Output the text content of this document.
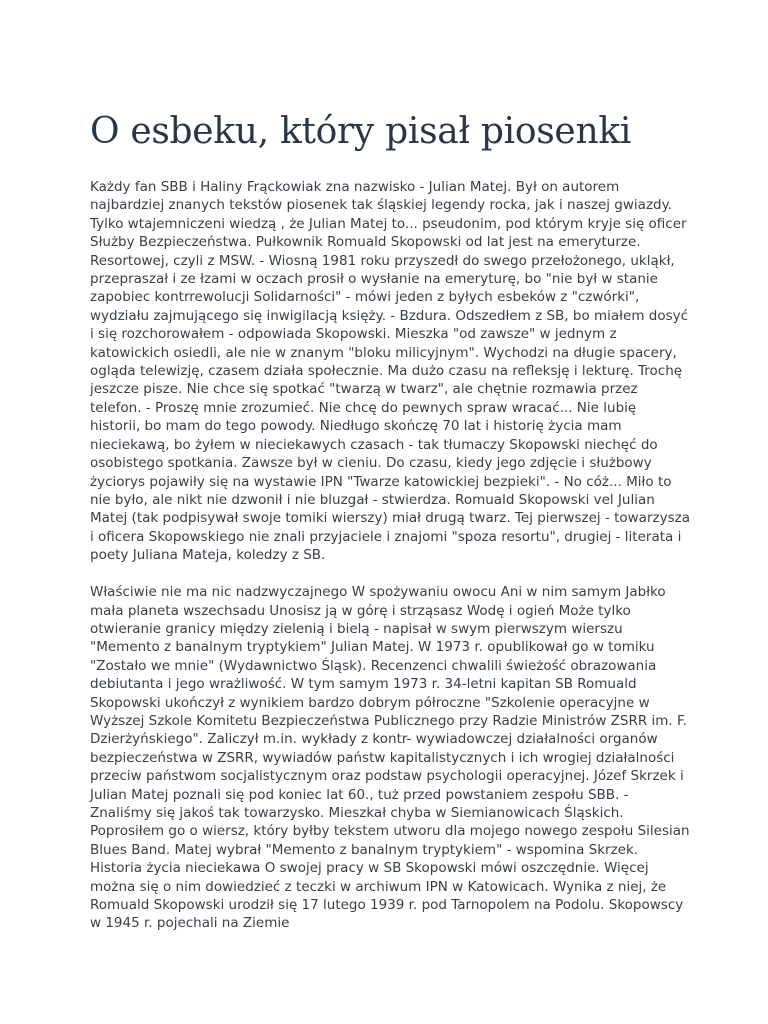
O esbeku, który pisał piosenki

Każdy fan SBB i Haliny Frąckowiak zna nazwisko - Julian Matej. Był on autorem najbardziej znanych tekstów piosenek tak śląskiej legendy rocka, jak i naszej gwiazdy. Tylko wtajemniczeni wiedzą , że Julian Matej to... pseudonim, pod którym kryje się oficer Służby Bezpieczeństwa. Pułkownik Romuald Skopowski od lat jest na emeryturze. Resortowej, czyli z MSW. - Wiosną 1981 roku przyszedł do swego przełożonego, ukląkł, przepraszał i ze łzami w oczach prosił o wysłanie na emeryturę, bo "nie był w stanie zapobiec kontrrewolucji Solidarności" - mówi jeden z byłych esbeków z "czwórki", wydziału zajmującego się inwigilacją księży. - Bzdura. Odszedłem z SB, bo miałem dosyć i się rozchorowałem - odpowiada Skopowski. Mieszka "od zawsze" w jednym z katowickich osiedli, ale nie w znanym "bloku milicyjnym". Wychodzi na długie spacery, ogląda telewizję, czasem działa społecznie. Ma dużo czasu na refleksję i lekturę. Trochę jeszcze pisze. Nie chce się spotkać "twarzą w twarz", ale chętnie rozmawia przez telefon. - Proszę mnie zrozumieć. Nie chcę do pewnych spraw wracać... Nie lubię historii, bo mam do tego powody. Niedługo skończę 70 lat i historię życia mam nieciekawą, bo żyłem w nieciekawych czasach - tak tłumaczy Skopowski niechęć do osobistego spotkania. Zawsze był w cieniu. Do czasu, kiedy jego zdjęcie i służbowy życiorys pojawiły się na wystawie IPN "Twarze katowickiej bezpieki". - No cóż... Miło to nie było, ale nikt nie dzwonił i nie bluzgał - stwierdza. Romuald Skopowski vel Julian Matej (tak podpisywał swoje tomiki wierszy) miał drugą twarz. Tej pierwszej - towarzysza i oficera Skopowskiego nie znali przyjaciele i znajomi "spoza resortu", drugiej - literata i poety Juliana Mateja, koledzy z SB.

Właściwie nie ma nic nadzwyczajnego W spożywaniu owocu Ani w nim samym Jabłko mała planeta wszechsadu Unosisz ją w górę i strząsasz Wodę i ogień Może tylko otwieranie granicy między zielenią i bielą - napisał w swym pierwszym wierszu "Memento z banalnym tryptykiem" Julian Matej. W 1973 r. opublikował go w tomiku "Zostało we mnie" (Wydawnictwo Śląsk). Recenzenci chwalili świeżość obrazowania debiutanta i jego wrażliwość. W tym samym 1973 r. 34-letni kapitan SB Romuald Skopowski ukończył z wynikiem bardzo dobrym półroczne "Szkolenie operacyjne w Wyższej Szkole Komitetu Bezpieczeństwa Publicznego przy Radzie Ministrów ZSRR im. F. Dzierżyńskiego". Zaliczył m.in. wykłady z kontr- wywiadowczej działalności organów bezpieczeństwa w ZSRR, wywiadów państw kapitalistycznych i ich wrogiej działalności przeciw państwom socjalistycznym oraz podstaw psychologii operacyjnej. Józef Skrzek i Julian Matej poznali się pod koniec lat 60., tuż przed powstaniem zespołu SBB. - Znaliśmy się jakoś tak towarzysko. Mieszkał chyba w Siemianowicach Śląskich. Poprosiłem go o wiersz, który byłby tekstem utworu dla mojego nowego zespołu Silesian Blues Band. Matej wybrał "Memento z banalnym tryptykiem" - wspomina Skrzek. Historia życia nieciekawa O swojej pracy w SB Skopowski mówi oszczędnie. Więcej można się o nim dowiedzieć z teczki w archiwum IPN w Katowicach. Wynika z niej, że Romuald Skopowski urodził się 17 lutego 1939 r. pod Tarnopolem na Podolu. Skopowscy w 1945 r. pojechali na Ziemie
